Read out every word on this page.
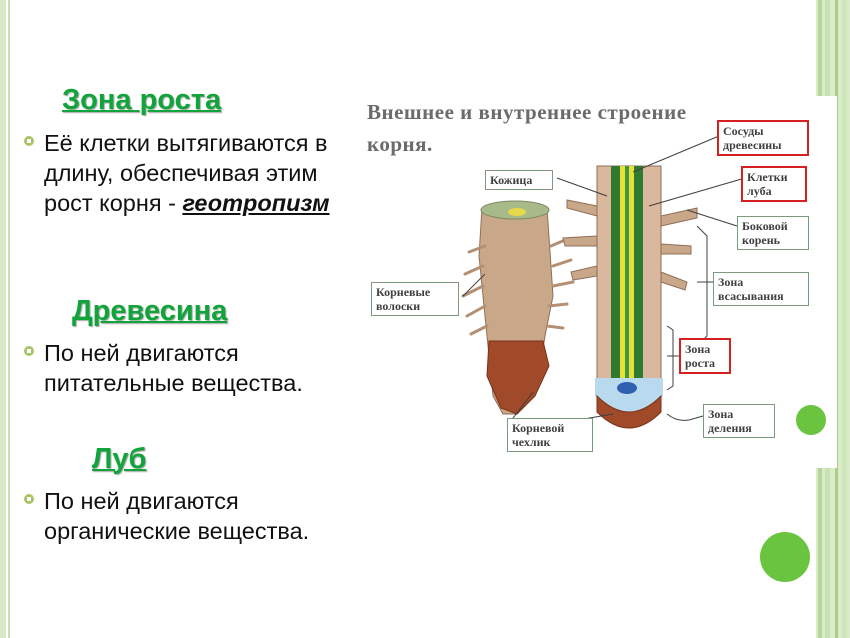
Зона роста
Её клетки вытягиваются в длину, обеспечивая этим рост корня - геотропизм
Древесина
По ней двигаются питательные вещества.
Луб
По ней двигаются органические вещества.
Внешнее и внутреннее строение корня.
Кожица
Сосуды древесины
Клетки луба
Боковой корень
Зона всасывания
Корневые волоски
Зона роста
Корневой чехлик
Зона деления
